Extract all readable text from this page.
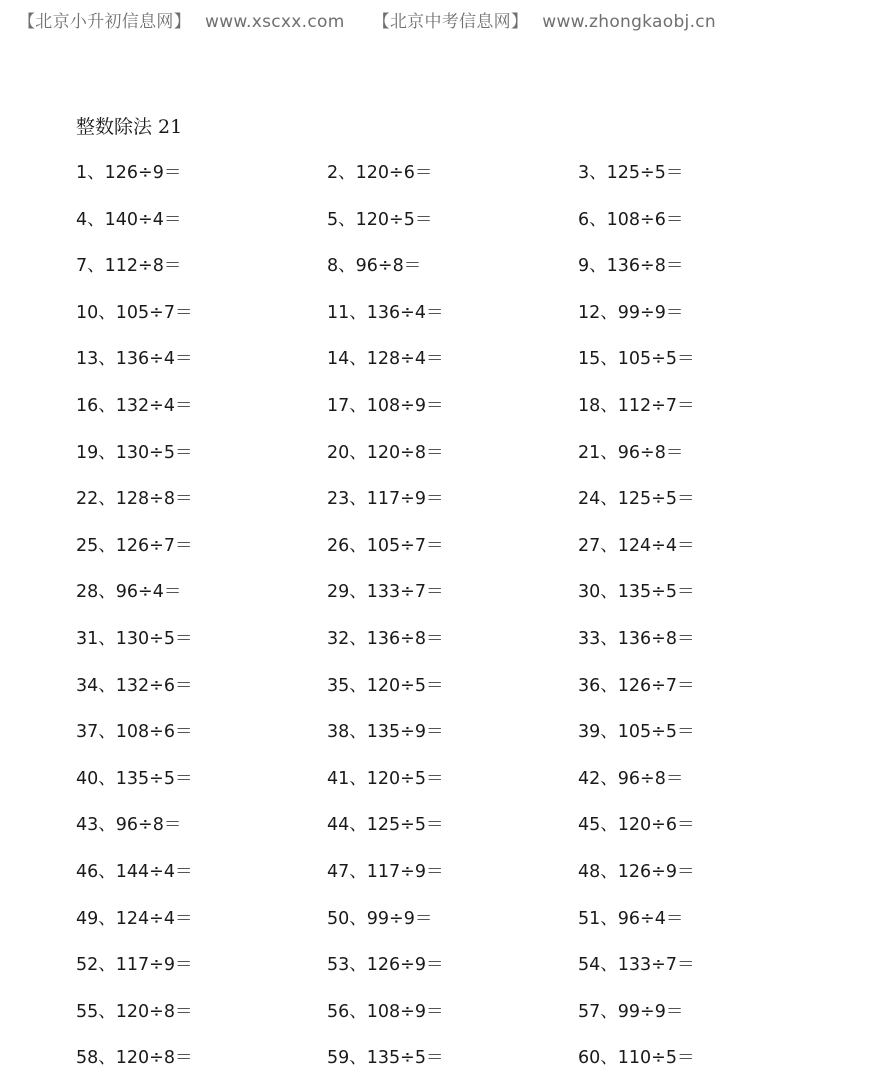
【北京小升初信息网】 www.xscxx.com 【北京中考信息网】 www.zhongkaobj.cn
整数除法 21
1、126÷9＝	2、120÷6＝	3、125÷5＝
4、140÷4＝	5、120÷5＝	6、108÷6＝
7、112÷8＝	8、96÷8＝	9、136÷8＝
10、105÷7＝	11、136÷4＝	12、99÷9＝
13、136÷4＝	14、128÷4＝	15、105÷5＝
16、132÷4＝	17、108÷9＝	18、112÷7＝
19、130÷5＝	20、120÷8＝	21、96÷8＝
22、128÷8＝	23、117÷9＝	24、125÷5＝
25、126÷7＝	26、105÷7＝	27、124÷4＝
28、96÷4＝	29、133÷7＝	30、135÷5＝
31、130÷5＝	32、136÷8＝	33、136÷8＝
34、132÷6＝	35、120÷5＝	36、126÷7＝
37、108÷6＝	38、135÷9＝	39、105÷5＝
40、135÷5＝	41、120÷5＝	42、96÷8＝
43、96÷8＝	44、125÷5＝	45、120÷6＝
46、144÷4＝	47、117÷9＝	48、126÷9＝
49、124÷4＝	50、99÷9＝	51、96÷4＝
52、117÷9＝	53、126÷9＝	54、133÷7＝
55、120÷8＝	56、108÷9＝	57、99÷9＝
58、120÷8＝	59、135÷5＝	60、110÷5＝
